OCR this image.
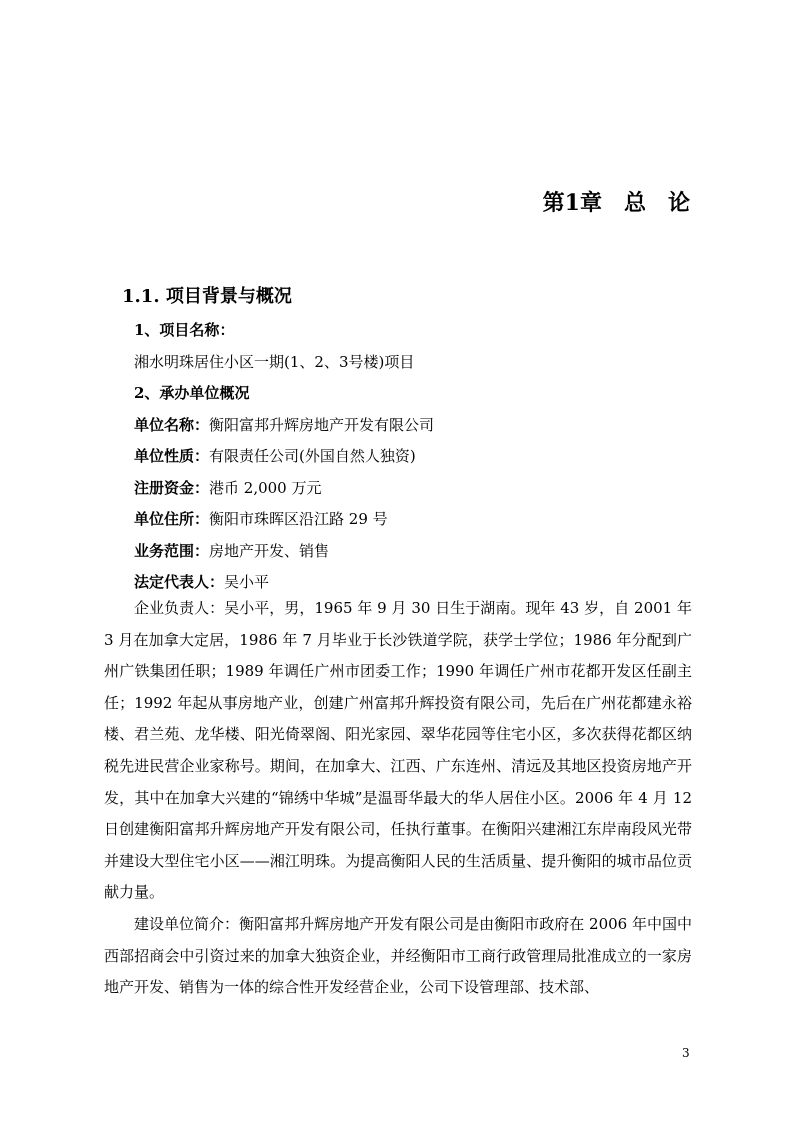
第1章 总 论
1.1. 项目背景与概况
1、项目名称：
湘水明珠居住小区一期(1、2、3号楼)项目
2、承办单位概况
单位名称：衡阳富邦升辉房地产开发有限公司
单位性质：有限责任公司(外国自然人独资)
注册资金：港币 2,000 万元
单位住所：衡阳市珠晖区沿江路 29 号
业务范围：房地产开发、销售
法定代表人：吴小平

企业负责人：吴小平，男，1965 年 9 月 30 日生于湖南。现年 43 岁，自 2001 年 3 月在加拿大定居，1986 年 7 月毕业于长沙铁道学院，获学士学位；1986 年分配到广州广铁集团任职；1989 年调任广州市团委工作；1990 年调任广州市花都开发区任副主任；1992 年起从事房地产业，创建广州富邦升辉投资有限公司，先后在广州花都建永裕楼、君兰苑、龙华楼、阳光倚翠阁、阳光家园、翠华花园等住宅小区，多次获得花都区纳税先进民营企业家称号。期间，在加拿大、江西、广东连州、清远及其地区投资房地产开发，其中在加拿大兴建的“锦绣中华城”是温哥华最大的华人居住小区。2006 年 4 月 12 日创建衡阳富邦升辉房地产开发有限公司，任执行董事。在衡阳兴建湘江东岸南段风光带并建设大型住宅小区——湘江明珠。为提高衡阳人民的生活质量、提升衡阳的城市品位贡献力量。

建设单位简介：衡阳富邦升辉房地产开发有限公司是由衡阳市政府在 2006 年中国中西部招商会中引资过来的加拿大独资企业，并经衡阳市工商行政管理局批准成立的一家房地产开发、销售为一体的综合性开发经营企业，公司下设管理部、技术部、

3
